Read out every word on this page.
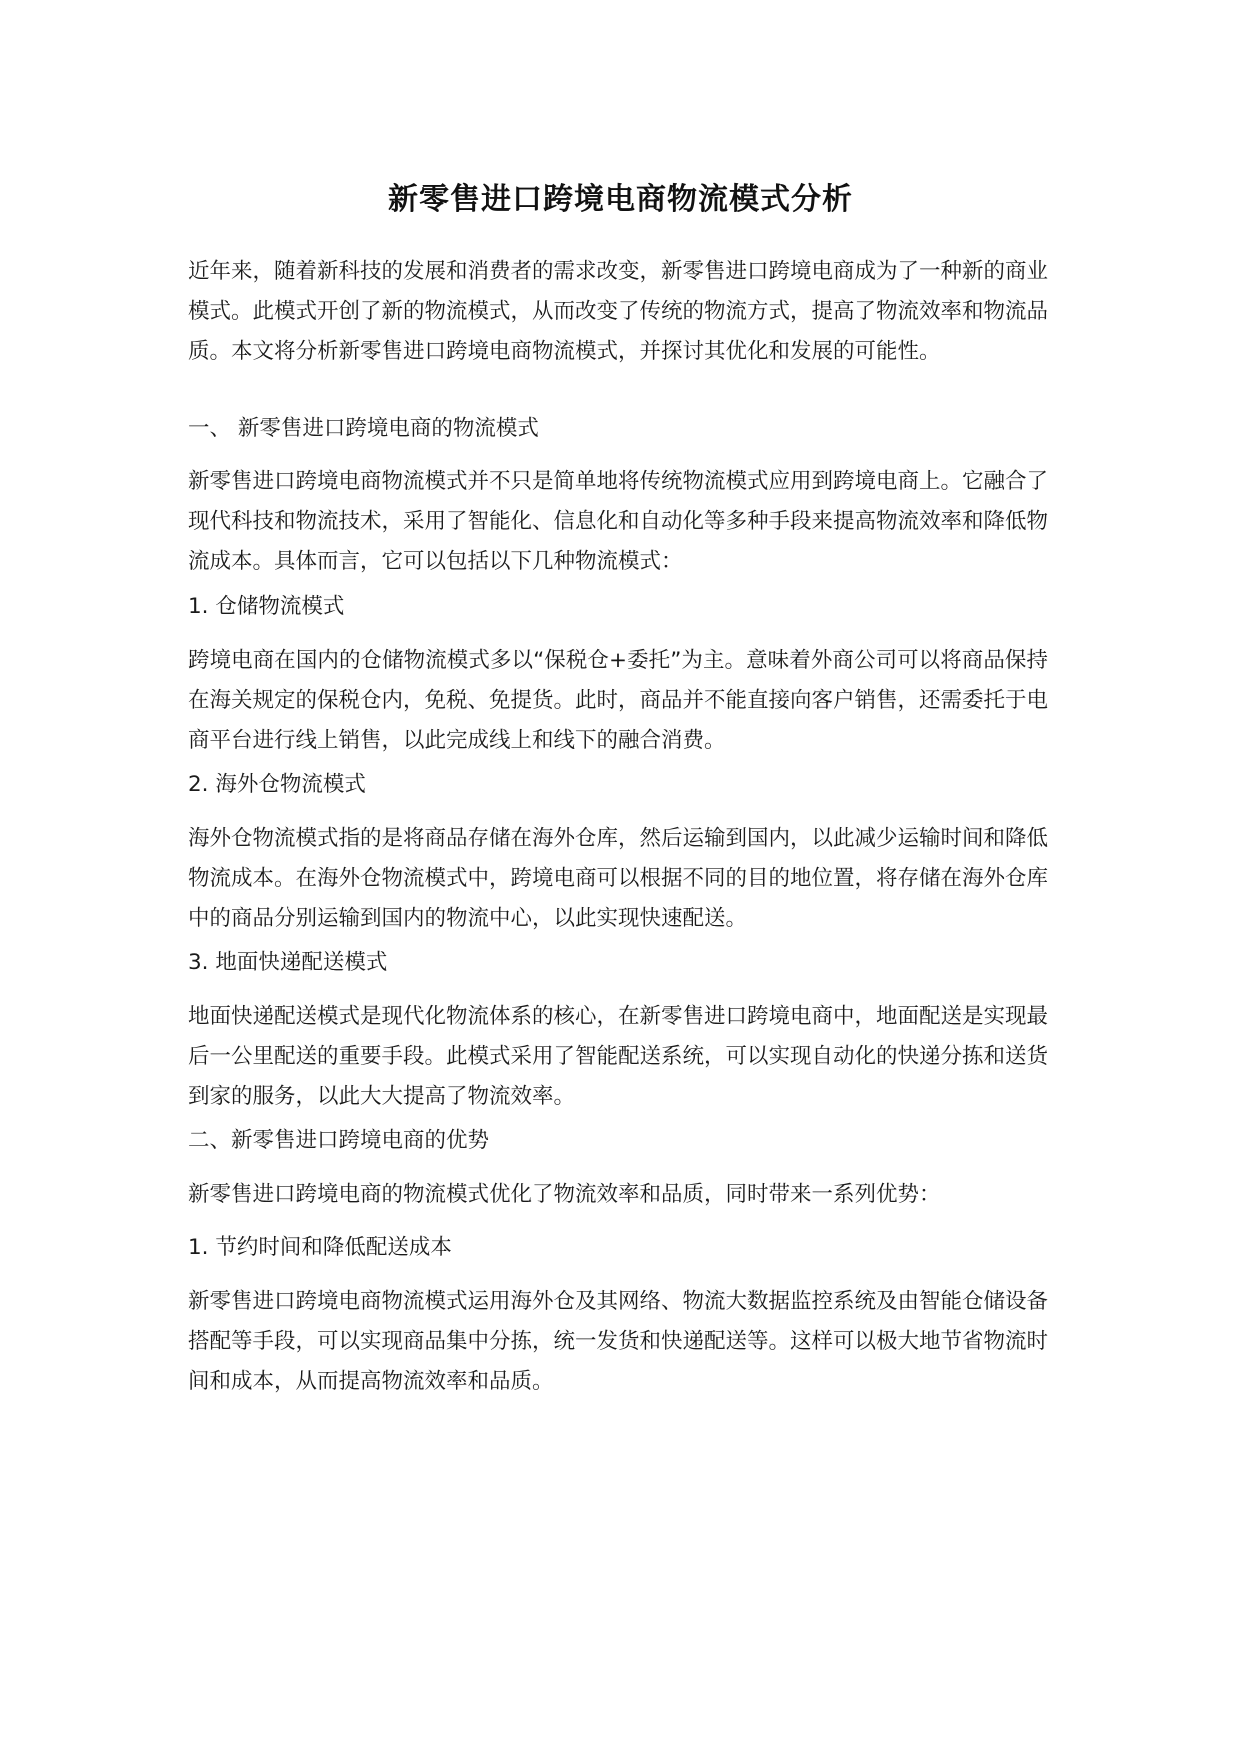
新零售进口跨境电商物流模式分析
近年来，随着新科技的发展和消费者的需求改变，新零售进口跨境电商成为了一种新的商业模式。此模式开创了新的物流模式，从而改变了传统的物流方式，提高了物流效率和物流品质。本文将分析新零售进口跨境电商物流模式，并探讨其优化和发展的可能性。
一、 新零售进口跨境电商的物流模式
新零售进口跨境电商物流模式并不只是简单地将传统物流模式应用到跨境电商上。它融合了现代科技和物流技术，采用了智能化、信息化和自动化等多种手段来提高物流效率和降低物流成本。具体而言，它可以包括以下几种物流模式：
1. 仓储物流模式
跨境电商在国内的仓储物流模式多以“保税仓+委托”为主。意味着外商公司可以将商品保持在海关规定的保税仓内，免税、免提货。此时，商品并不能直接向客户销售，还需委托于电商平台进行线上销售，以此完成线上和线下的融合消费。
2. 海外仓物流模式
海外仓物流模式指的是将商品存储在海外仓库，然后运输到国内，以此减少运输时间和降低物流成本。在海外仓物流模式中，跨境电商可以根据不同的目的地位置，将存储在海外仓库中的商品分别运输到国内的物流中心，以此实现快速配送。
3. 地面快递配送模式
地面快递配送模式是现代化物流体系的核心，在新零售进口跨境电商中，地面配送是实现最后一公里配送的重要手段。此模式采用了智能配送系统，可以实现自动化的快递分拣和送货到家的服务，以此大大提高了物流效率。
二、新零售进口跨境电商的优势
新零售进口跨境电商的物流模式优化了物流效率和品质，同时带来一系列优势：
1. 节约时间和降低配送成本
新零售进口跨境电商物流模式运用海外仓及其网络、物流大数据监控系统及由智能仓储设备搭配等手段，可以实现商品集中分拣，统一发货和快递配送等。这样可以极大地节省物流时间和成本，从而提高物流效率和品质。
